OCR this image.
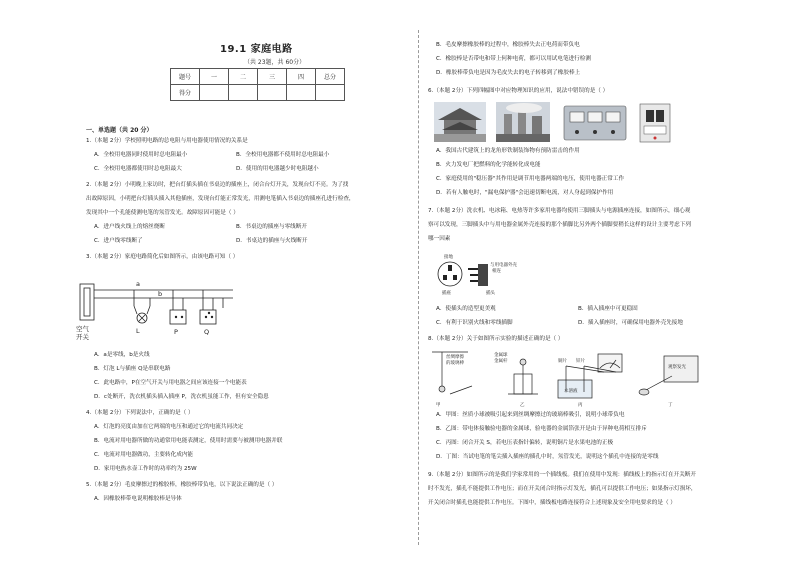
19.1 家庭电路
（共 23题，共 60分）
题号	一	二	三	四	总分
得分					
一、单选题（共 20 分）
1.（本题 2分）学校照明电路的总电阻与用电器使用情况的关系是
A．全校用电器同时使用时总电阻最小	B．全校用电器都不使用时总电阻最小
C．全校用电器都使用时总电阻最大	D．使用的用电器越少时电阻越小
2.（本题 2分）小明晚上家访时，把台灯插头插在书桌边的插座上，闭合台灯开关，发现台灯不亮。为了找
出故障原因，小明把台灯插头插入其他插座，发现台灯能正常发光，用测电笔插入书桌边的插座孔进行检查，
发现其中一个孔能使测电笔的氖管发光。故障原因可能是（ ）
A．进户线火线上的熔丝烧断	B．书桌边的插座与零线断开
C．进户线零线断了	D．书桌边的插座与火线断开
3.（本题 2分）家庭电路简化后如图所示，由该电路可知（ ）
空气
开关
a
b
L	P	Q
A．a是零线，b是火线
B．灯泡 L与插座 Q是串联电路
C．此电路中，P在空气开关与用电器之间应该连接一个电能表
D．c处断开，洗衣机插头插入插座 P，洗衣机虽能工作，但有安全隐患
4.（本题 2分）下列说法中，正确的是（ ）
A．灯泡的亮度由加在它两端的电压和通过它的电流共同决定
B．电流对用电器所做的功通常用电能表测定，使用时需要与被测用电器并联
C．电流对用电器做功，主要转化成内能
D．家用电热水壶工作时的功率约为 25W
5.（本题 2分）毛皮摩擦过的橡胶棒，橡胶棒带负电，以下说法正确的是（ ）
A．因橡胶棒带电说明橡胶棒是导体
B．毛皮摩擦橡胶棒的过程中，橡胶棒失去正电荷而带负电
C．橡胶棒是否带电和带上何种电荷，都可以用试电笔进行检测
D．橡胶棒带负电是因为毛皮失去的电子转移到了橡胶棒上
6.（本题 2分）下列四幅图中对应物理知识的应用，说法中错误的是（ ）
A．我国古代建筑上的龙角形铁制装饰物有预防雷击的作用
B．火力发电厂把燃料的化学能转化成电能
C．家庭使用的"稳压器"其作用是调节用电器两端的电压，使用电器正常工作
D．若有人触电时，"漏电保护器"会迅速切断电流，对人身起到保护作用
7.（本题 2分）洗衣机、电冰箱、电热等许多家用电器均使用三脚插头与电源插座连接，如图所示，细心观
察可以发现，三脚插头中与用电器金属外壳连接的那个插脚比另外两个插脚要稍长这样的设计主要考虑下列
哪一因素
接地
与用电器外壳
相连
插头
插座
A．使插头的造型更美观	B．插入插座中可更稳固
C．有利于识别火线和零线插脚	D．插入插座时，可确保用电器外壳先接地
8.（本题 2分）关于如图所示实验的描述正确的是（ ）
丝绸摩擦
的玻璃棒
金属球
金属杆	铜片 锌片
水溶液
观察发光
甲	乙	丙	丁
A．甲图：丝质小球被吸引起来到丝绸摩擦过的玻璃棒吸引，说明小球带负电
B．乙图：带电体接触验电器的金属球，验电器的金属箔张开是由于异种电荷相互排斥
C．丙图：闭合开关 S，若电压表指针偏转，说明铜片是水果电池的正极
D．丁图：当试电笔的笔尖插入插座的插孔中时，氖管发光，说明这个插孔中连接的是零线
9.（本题 2分）如图所示的是我们学家常用的一个插线板。我们在使用中发现：插线板上的指示灯在开关断开
时不发光，插孔不能提供工作电压；而在开关闭合时指示灯发光，插孔可以提供工作电压；如果指示灯损坏，
开关闭合时插孔也能提供工作电压。下图中，插线板电路连接符合上述现象及安全用电要求的是（ ）
